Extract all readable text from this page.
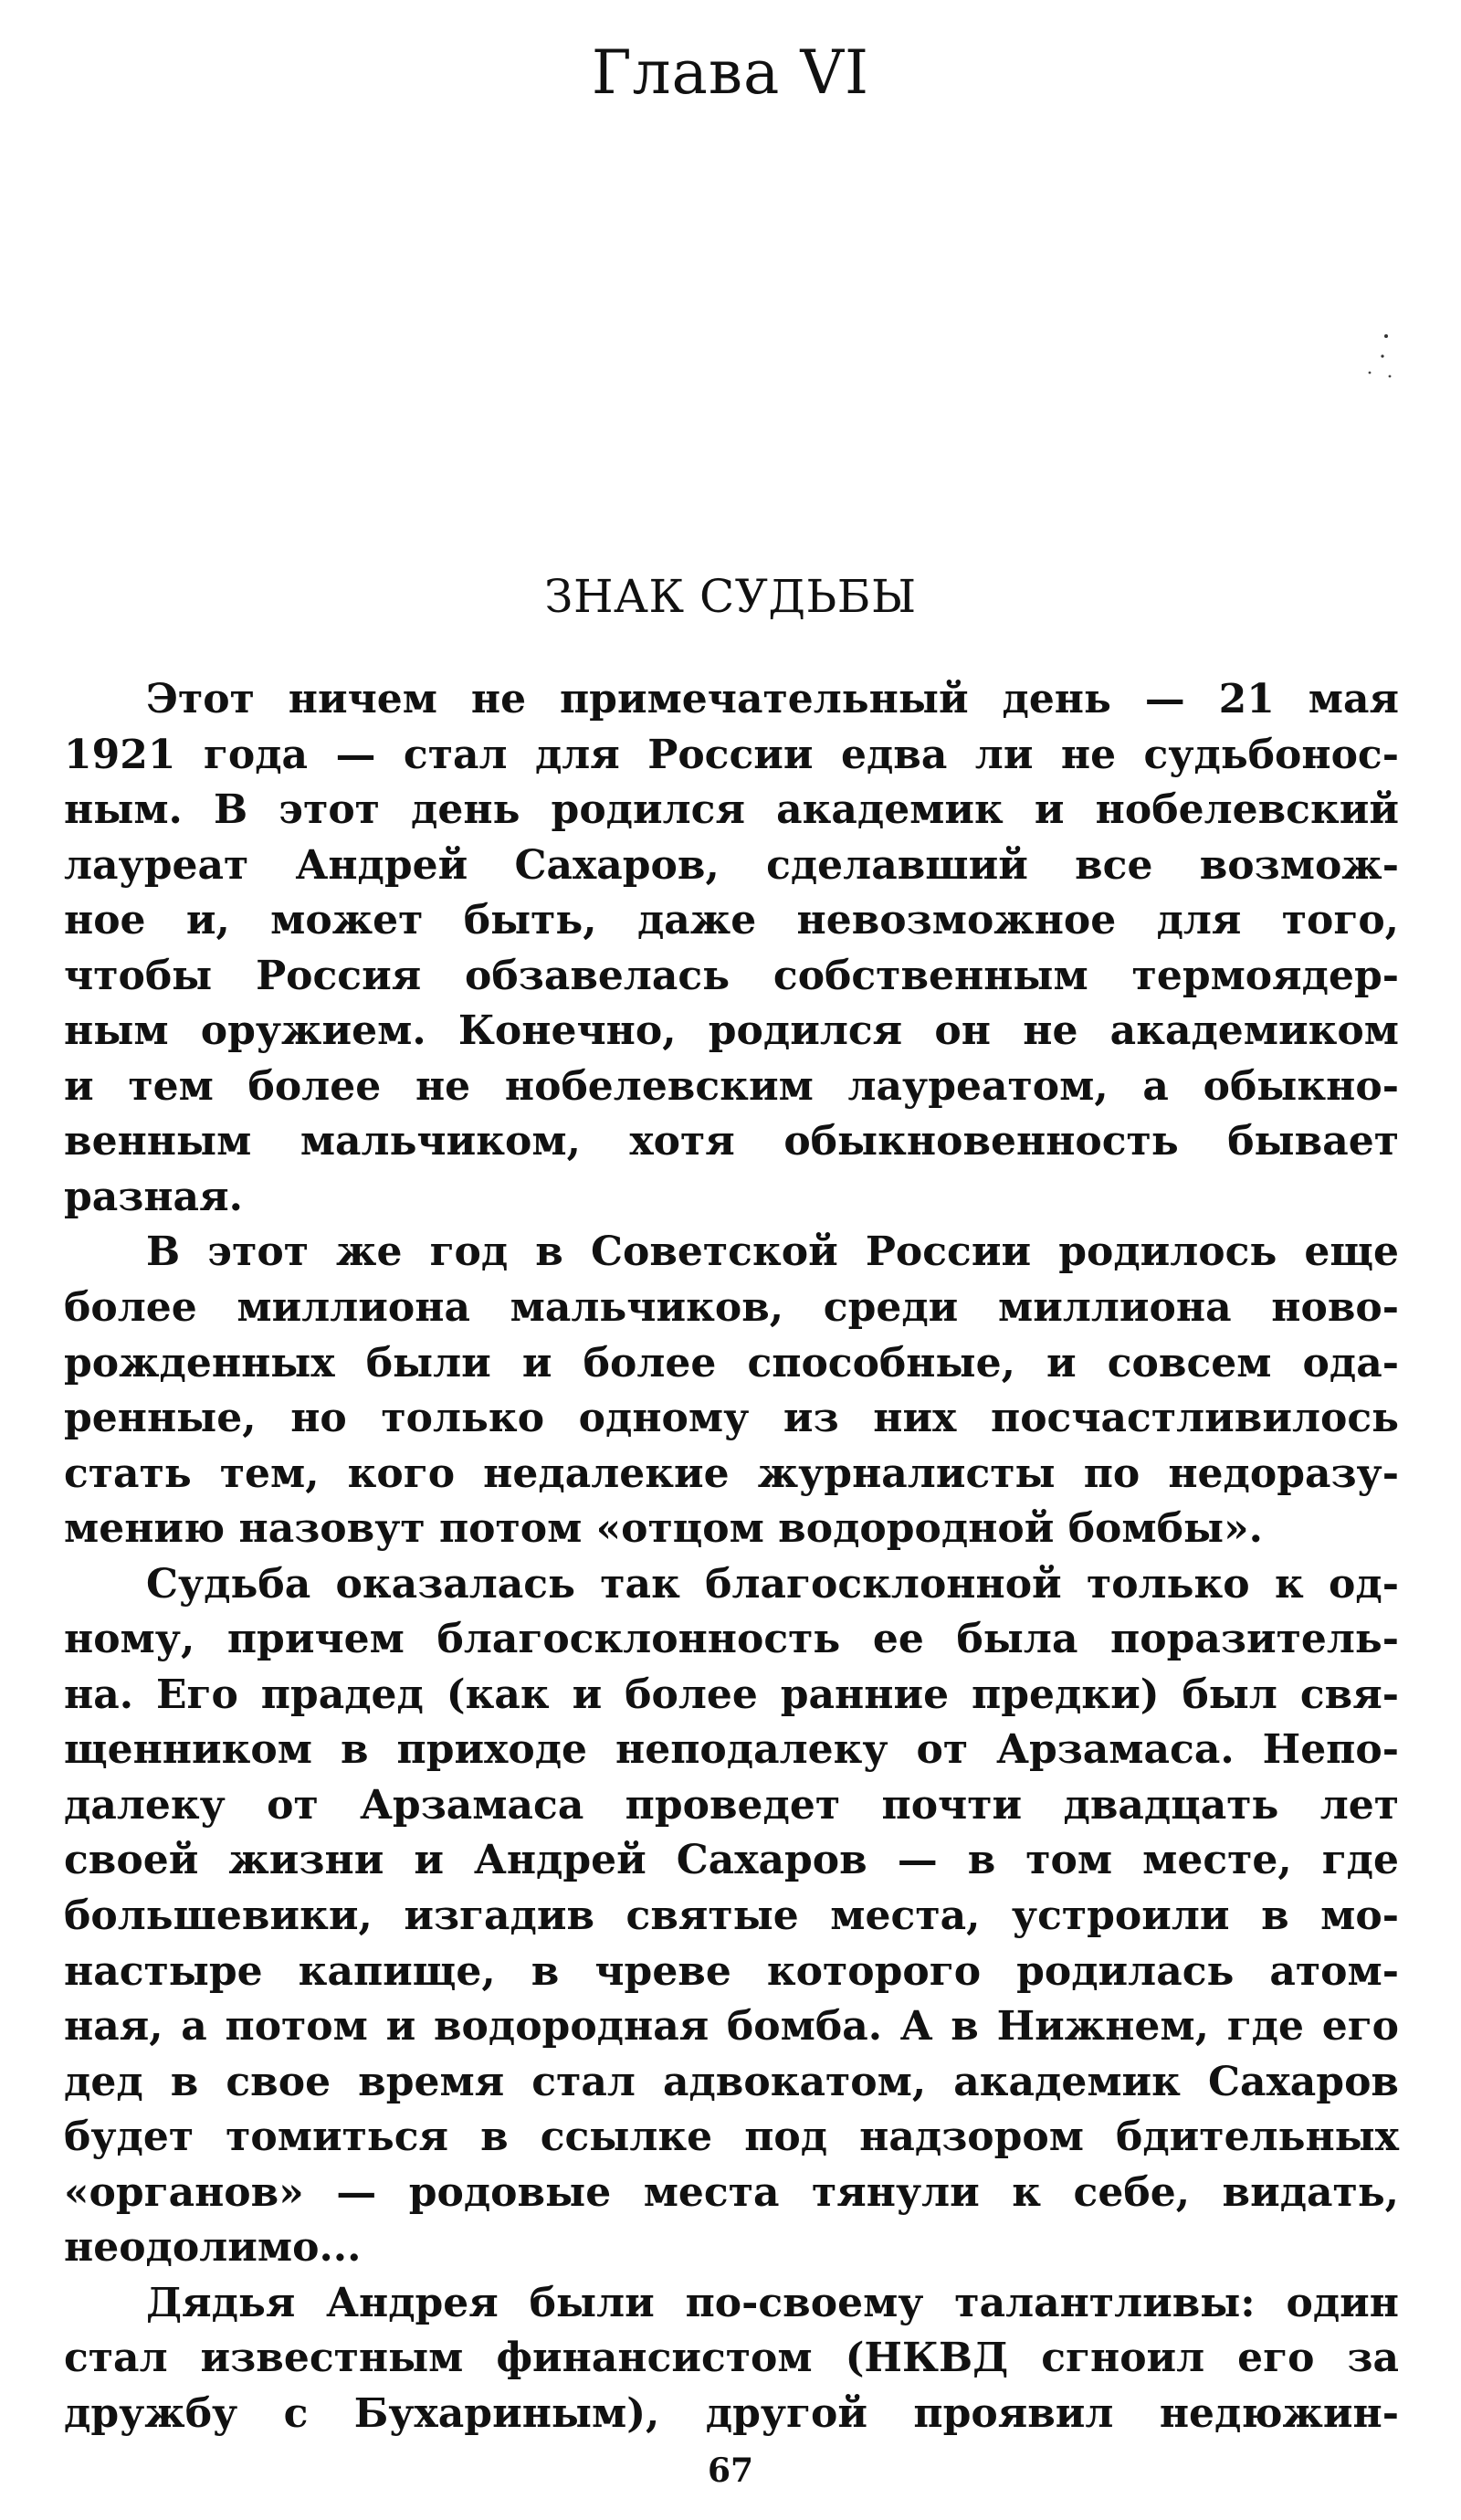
Глава VI
ЗНАК СУДЬБЫ
Этот ничем не примечательный день — 21 мая
1921 года — стал для России едва ли не судьбонос-
ным. В этот день родился академик и нобелевский
лауреат Андрей Сахаров, сделавший все возмож-
ное и, может быть, даже невозможное для того,
чтобы Россия обзавелась собственным термоядер-
ным оружием. Конечно, родился он не академиком
и тем более не нобелевским лауреатом, а обыкно-
венным мальчиком, хотя обыкновенность бывает
разная.
В этот же год в Советской России родилось еще
более миллиона мальчиков, среди миллиона ново-
рожденных были и более способные, и совсем ода-
ренные, но только одному из них посчастливилось
стать тем, кого недалекие журналисты по недоразу-
мению назовут потом «отцом водородной бомбы».
Судьба оказалась так благосклонной только к од-
ному, причем благосклонность ее была поразитель-
на. Его прадед (как и более ранние предки) был свя-
щенником в приходе неподалеку от Арзамаса. Непо-
далеку от Арзамаса проведет почти двадцать лет
своей жизни и Андрей Сахаров — в том месте, где
большевики, изгадив святые места, устроили в мо-
настыре капище, в чреве которого родилась атом-
ная, а потом и водородная бомба. А в Нижнем, где его
дед в свое время стал адвокатом, академик Сахаров
будет томиться в ссылке под надзором бдительных
«органов» — родовые места тянули к себе, видать,
неодолимо...
Дядья Андрея были по-своему талантливы: один
стал известным финансистом (НКВД сгноил его за
дружбу с Бухариным), другой проявил недюжин-
67
